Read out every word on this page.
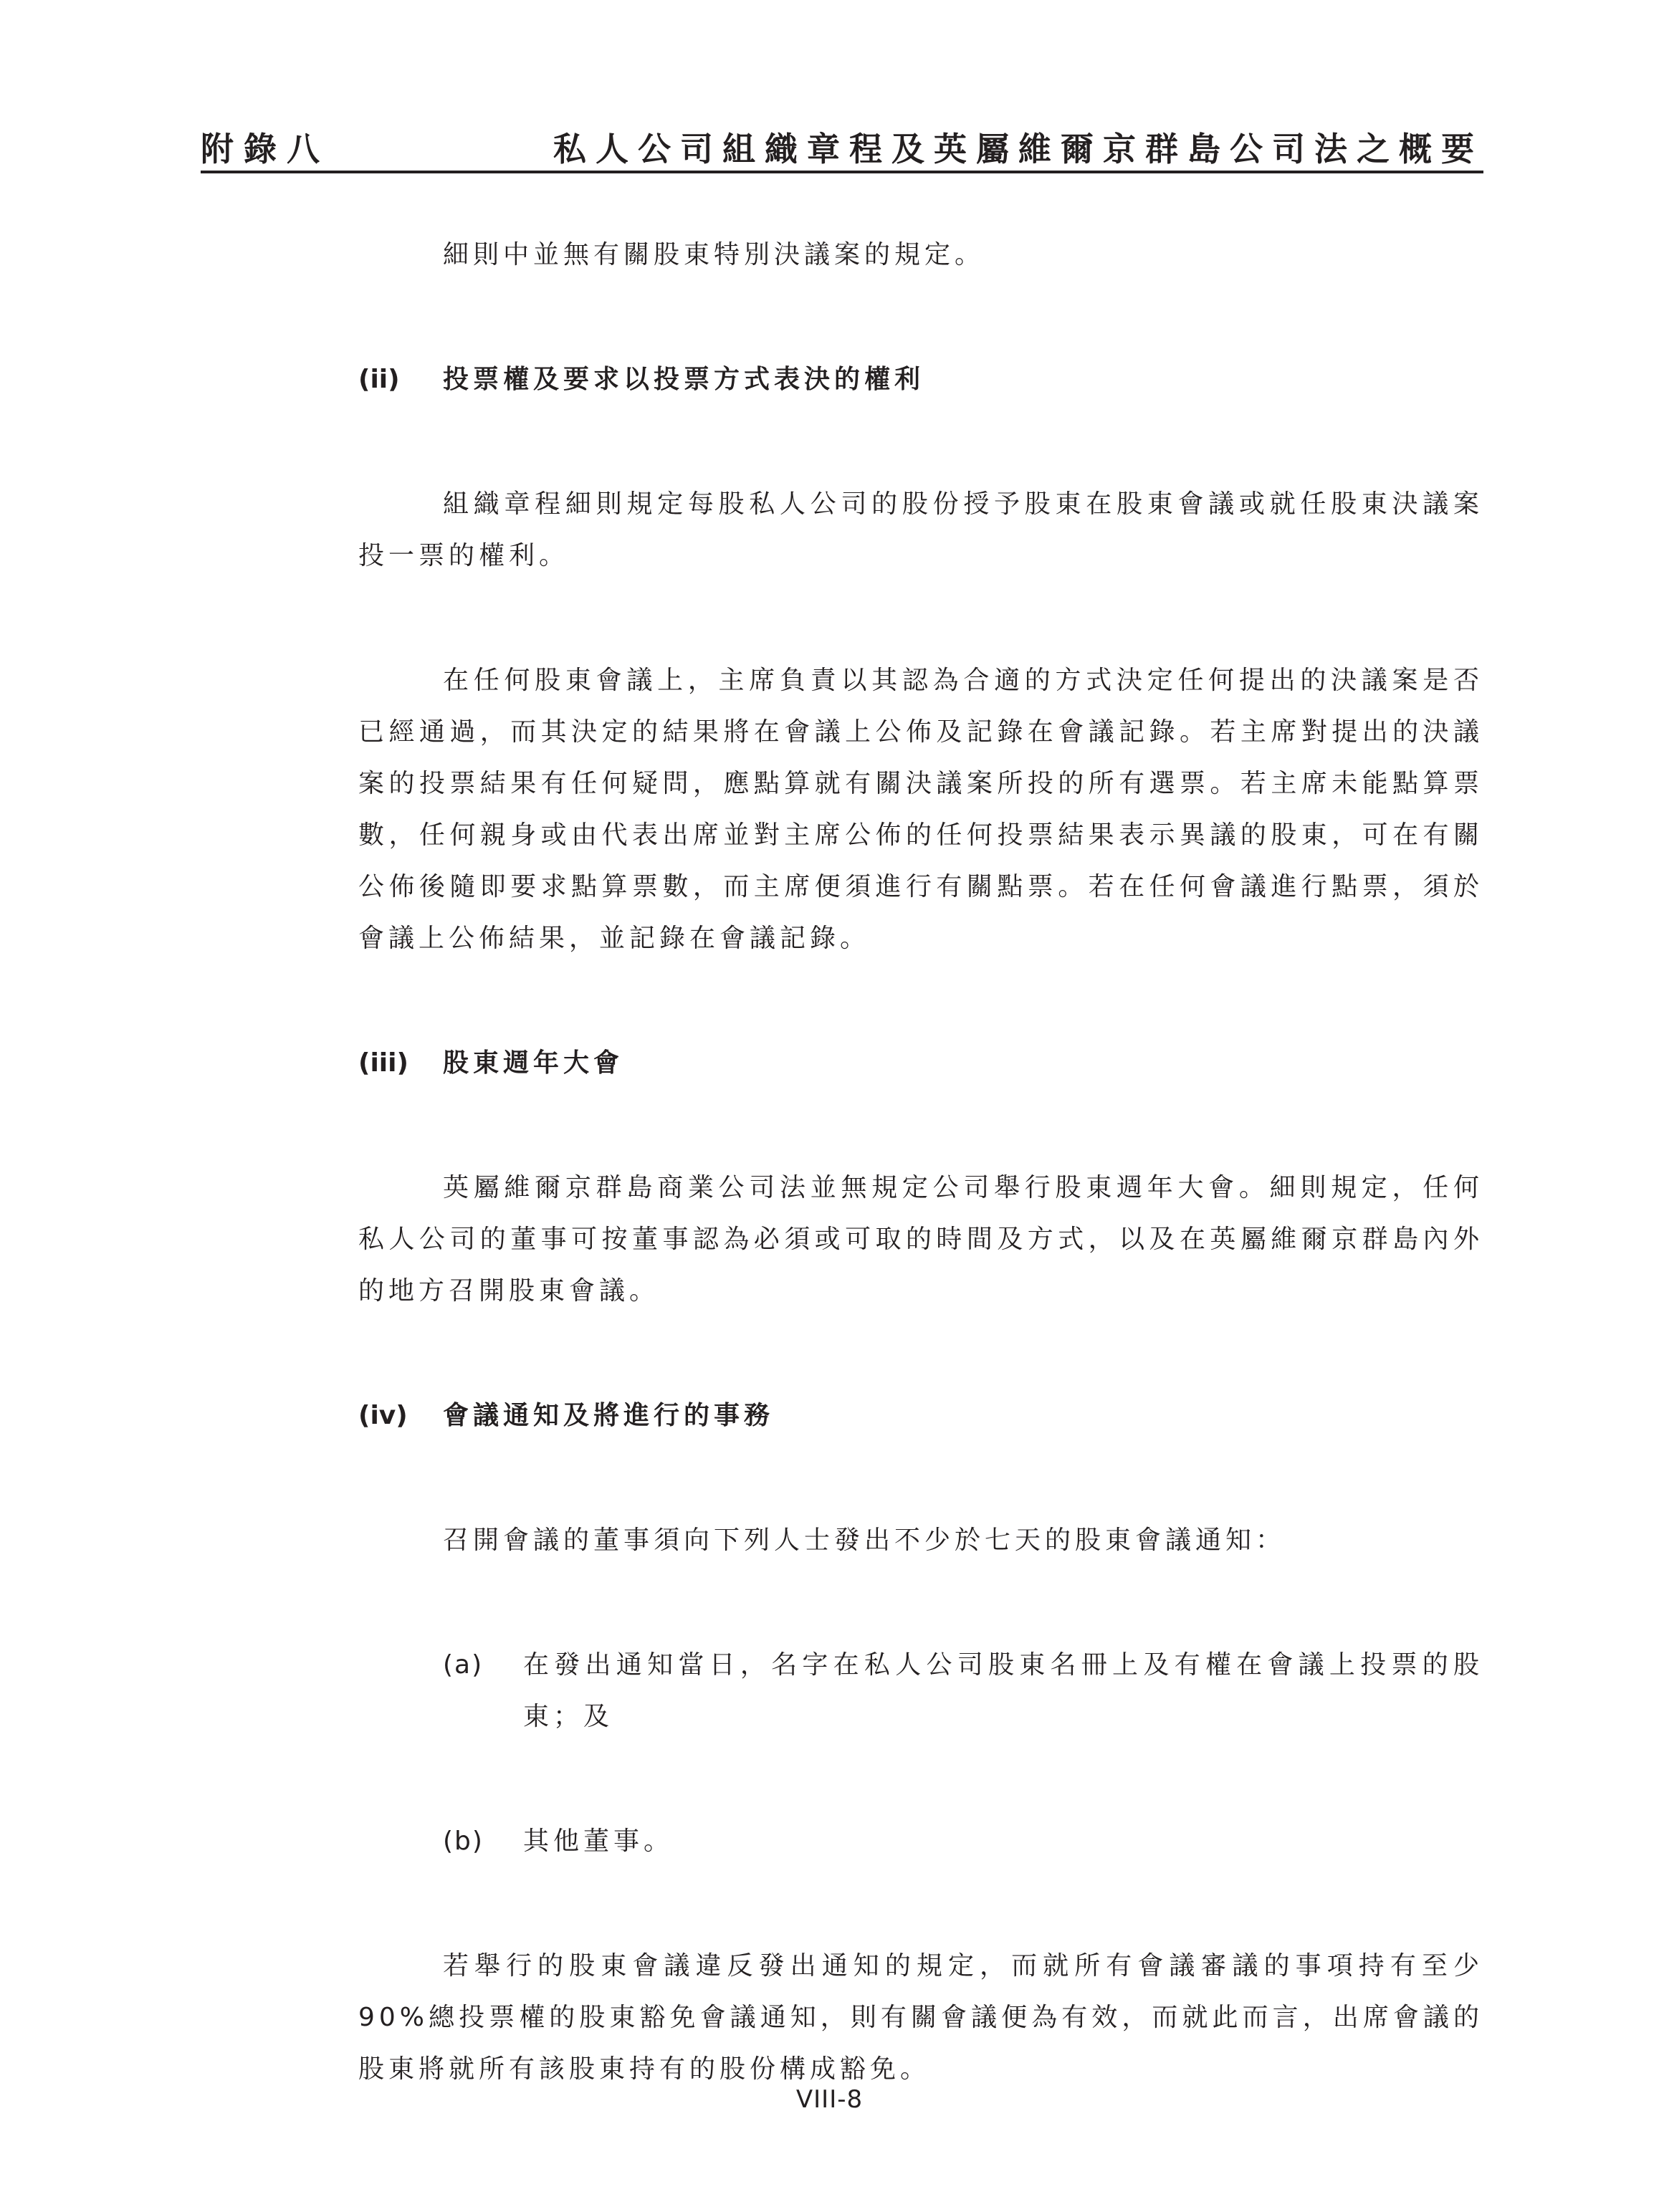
附錄八	私人公司組織章程及英屬維爾京群島公司法之概要

細則中並無有關股東特別決議案的規定。

(ii)	投票權及要求以投票方式表決的權利

組織章程細則規定每股私人公司的股份授予股東在股東會議或就任股東決議案投一票的權利。

在任何股東會議上，主席負責以其認為合適的方式決定任何提出的決議案是否已經通過，而其決定的結果將在會議上公佈及記錄在會議記錄。若主席對提出的決議案的投票結果有任何疑問，應點算就有關決議案所投的所有選票。若主席未能點算票數，任何親身或由代表出席並對主席公佈的任何投票結果表示異議的股東，可在有關公佈後隨即要求點算票數，而主席便須進行有關點票。若在任何會議進行點票，須於會議上公佈結果，並記錄在會議記錄。

(iii)	股東週年大會

英屬維爾京群島商業公司法並無規定公司舉行股東週年大會。細則規定，任何私人公司的董事可按董事認為必須或可取的時間及方式，以及在英屬維爾京群島內外的地方召開股東會議。

(iv)	會議通知及將進行的事務

召開會議的董事須向下列人士發出不少於七天的股東會議通知：

(a)	在發出通知當日，名字在私人公司股東名冊上及有權在會議上投票的股東；及
(b)	其他董事。

若舉行的股東會議違反發出通知的規定，而就所有會議審議的事項持有至少90%總投票權的股東豁免會議通知，則有關會議便為有效，而就此而言，出席會議的股東將就所有該股東持有的股份構成豁免。

VIII-8
